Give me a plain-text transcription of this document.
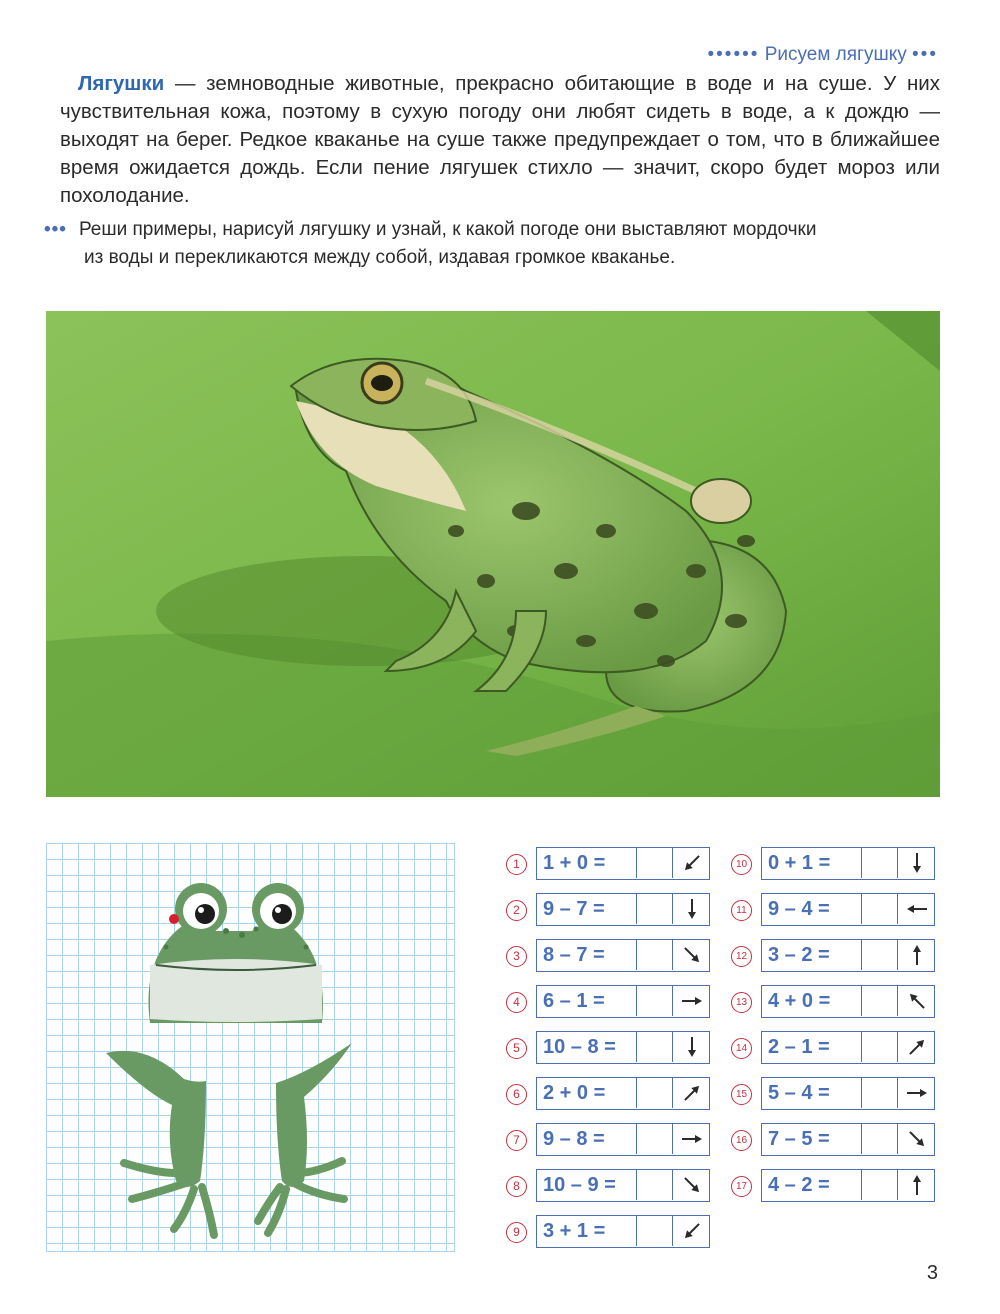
•••••• Рисуем лягушку •••

Лягушки — земноводные животные, прекрасно обитающие в воде и на суше. У них чувствительная кожа, поэтому в сухую погоду они любят сидеть в воде, а к дождю — выходят на берег. Редкое кваканье на суше также предупреждает о том, что в ближайшее время ожидается дождь. Если пение лягушек стихло — значит, скоро будет мороз или похолодание.

••• Реши примеры, нарисуй лягушку и узнай, к какой погоде они выставляют мордочки
из воды и перекликаются между собой, издавая громкое кваканье.

1	1 + 0 =
2	9 – 7 =
3	8 – 7 =
4	6 – 1 =
5	10 – 8 =
6	2 + 0 =
7	9 – 8 =
8	10 – 9 =
9	3 + 1 =
10	0 + 1 =
11	9 – 4 =
12	3 – 2 =
13	4 + 0 =
14	2 – 1 =
15	5 – 4 =
16	7 – 5 =
17	4 – 2 =
3
